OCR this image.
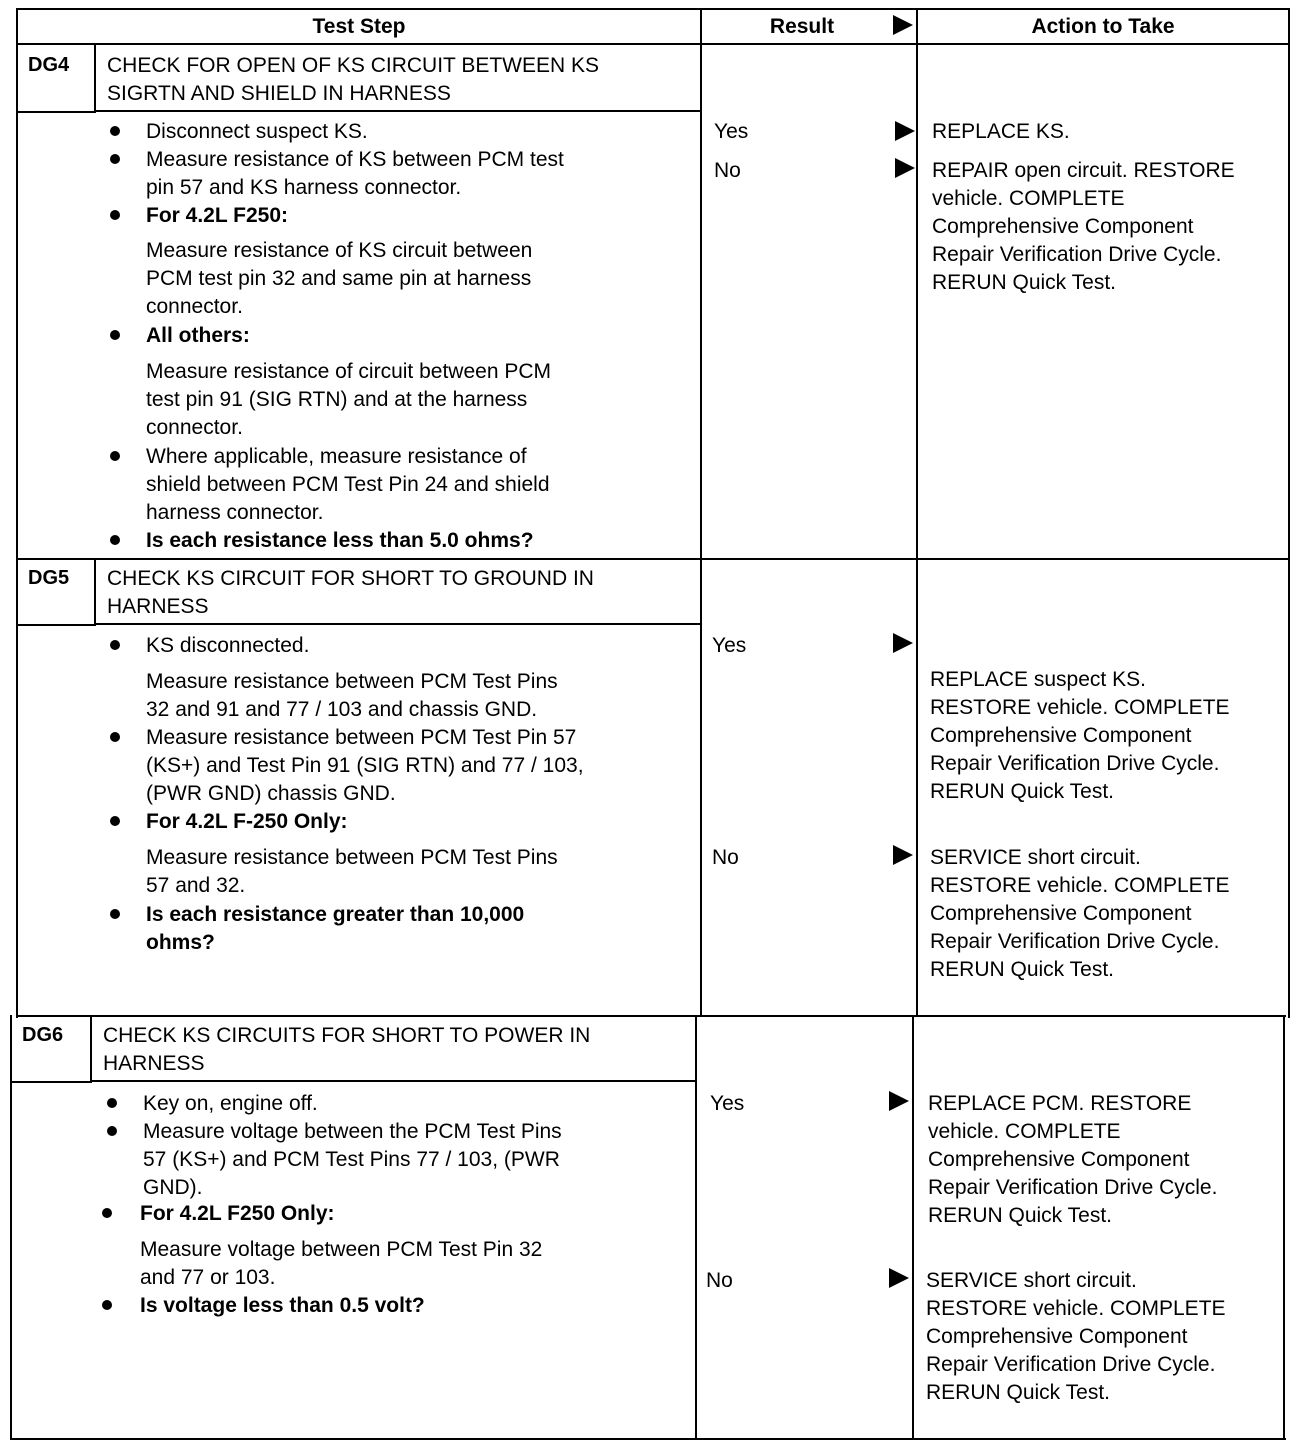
Test Step	Result	Action to Take
DG4 CHECK FOR OPEN OF KS CIRCUIT BETWEEN KS
SIGRTN AND SHIELD IN HARNESS
Disconnect suspect KS.
Measure resistance of KS between PCM test
pin 57 and KS harness connector.
For 4.2L F250:
Measure resistance of KS circuit between
PCM test pin 32 and same pin at harness
connector.
All others:
Measure resistance of circuit between PCM
test pin 91 (SIG RTN) and at the harness
connector.
Where applicable, measure resistance of
shield between PCM Test Pin 24 and shield
harness connector.
Is each resistance less than 5.0 ohms?
Yes
No
REPLACE KS.
REPAIR open circuit. RESTORE
vehicle. COMPLETE
Comprehensive Component
Repair Verification Drive Cycle.
RERUN Quick Test.
DG5 CHECK KS CIRCUIT FOR SHORT TO GROUND IN
HARNESS
KS disconnected.
Measure resistance between PCM Test Pins
32 and 91 and 77 / 103 and chassis GND.
Measure resistance between PCM Test Pin 57
(KS+) and Test Pin 91 (SIG RTN) and 77 / 103,
(PWR GND) chassis GND.
For 4.2L F-250 Only:
Measure resistance between PCM Test Pins
57 and 32.
Is each resistance greater than 10,000
ohms?
Yes
No
REPLACE suspect KS.
RESTORE vehicle. COMPLETE
Comprehensive Component
Repair Verification Drive Cycle.
RERUN Quick Test.
SERVICE short circuit.
RESTORE vehicle. COMPLETE
Comprehensive Component
Repair Verification Drive Cycle.
RERUN Quick Test.
DG6 CHECK KS CIRCUITS FOR SHORT TO POWER IN
HARNESS
Key on, engine off.
Measure voltage between the PCM Test Pins
57 (KS+) and PCM Test Pins 77 / 103, (PWR
GND).
For 4.2L F250 Only:
Measure voltage between PCM Test Pin 32
and 77 or 103.
Is voltage less than 0.5 volt?
Yes
No
REPLACE PCM. RESTORE
vehicle. COMPLETE
Comprehensive Component
Repair Verification Drive Cycle.
RERUN Quick Test.
SERVICE short circuit.
RESTORE vehicle. COMPLETE
Comprehensive Component
Repair Verification Drive Cycle.
RERUN Quick Test.
